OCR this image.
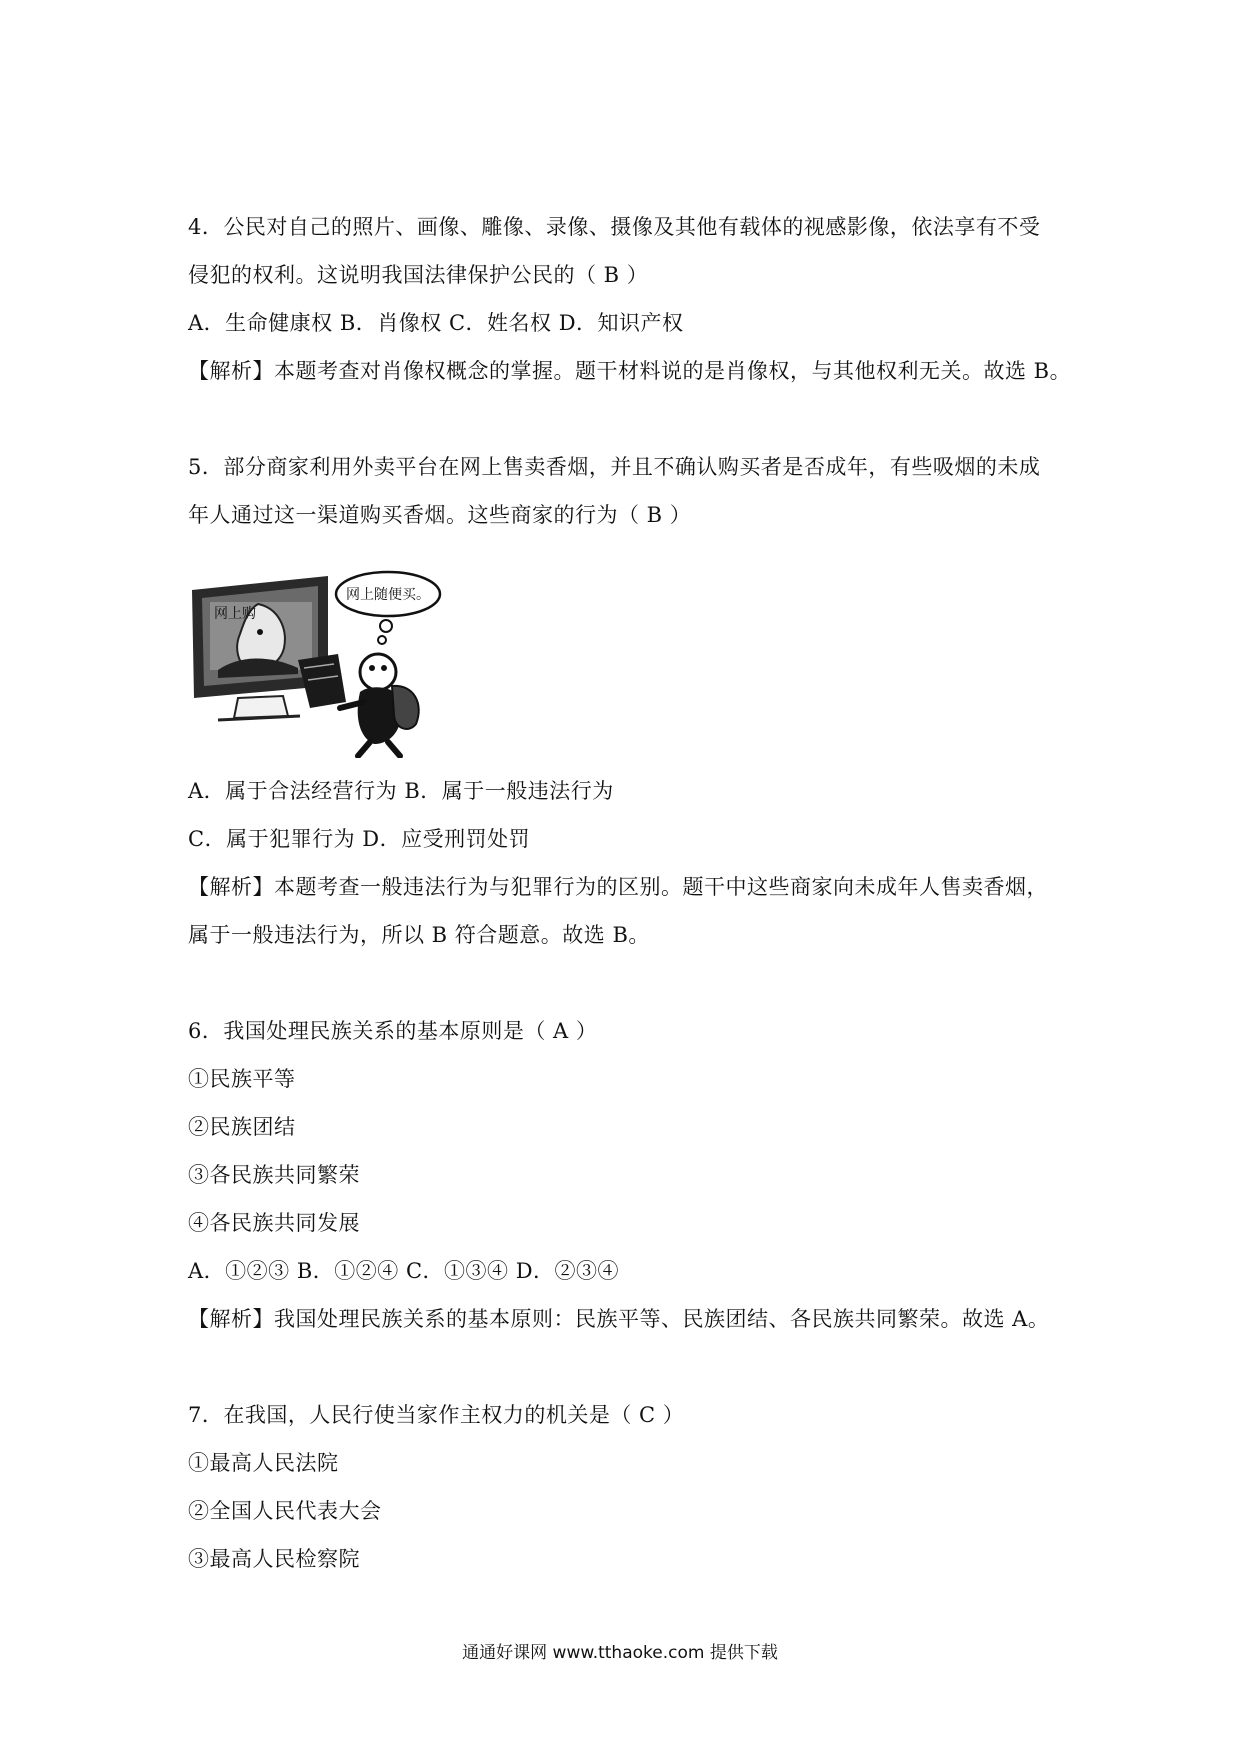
4．公民对自己的照片、画像、雕像、录像、摄像及其他有载体的视感影像，依法享有不受
侵犯的权利。这说明我国法律保护公民的（ B ）
A．生命健康权 B．肖像权 C．姓名权 D．知识产权
【解析】本题考查对肖像权概念的掌握。题干材料说的是肖像权，与其他权利无关。故选 B。
5．部分商家利用外卖平台在网上售卖香烟，并且不确认购买者是否成年，有些吸烟的未成
年人通过这一渠道购买香烟。这些商家的行为（ B ）
网上购
网上随便买。
A．属于合法经营行为 B．属于一般违法行为
C．属于犯罪行为 D．应受刑罚处罚
【解析】本题考查一般违法行为与犯罪行为的区别。题干中这些商家向未成年人售卖香烟，
属于一般违法行为，所以 B 符合题意。故选 B。
6．我国处理民族关系的基本原则是（ A ）
①民族平等
②民族团结
③各民族共同繁荣
④各民族共同发展
A．①②③ B．①②④ C．①③④ D．②③④
【解析】我国处理民族关系的基本原则：民族平等、民族团结、各民族共同繁荣。故选 A。
7．在我国，人民行使当家作主权力的机关是（ C ）
①最高人民法院
②全国人民代表大会
③最高人民检察院
通通好课网 www.tthaoke.com 提供下载
